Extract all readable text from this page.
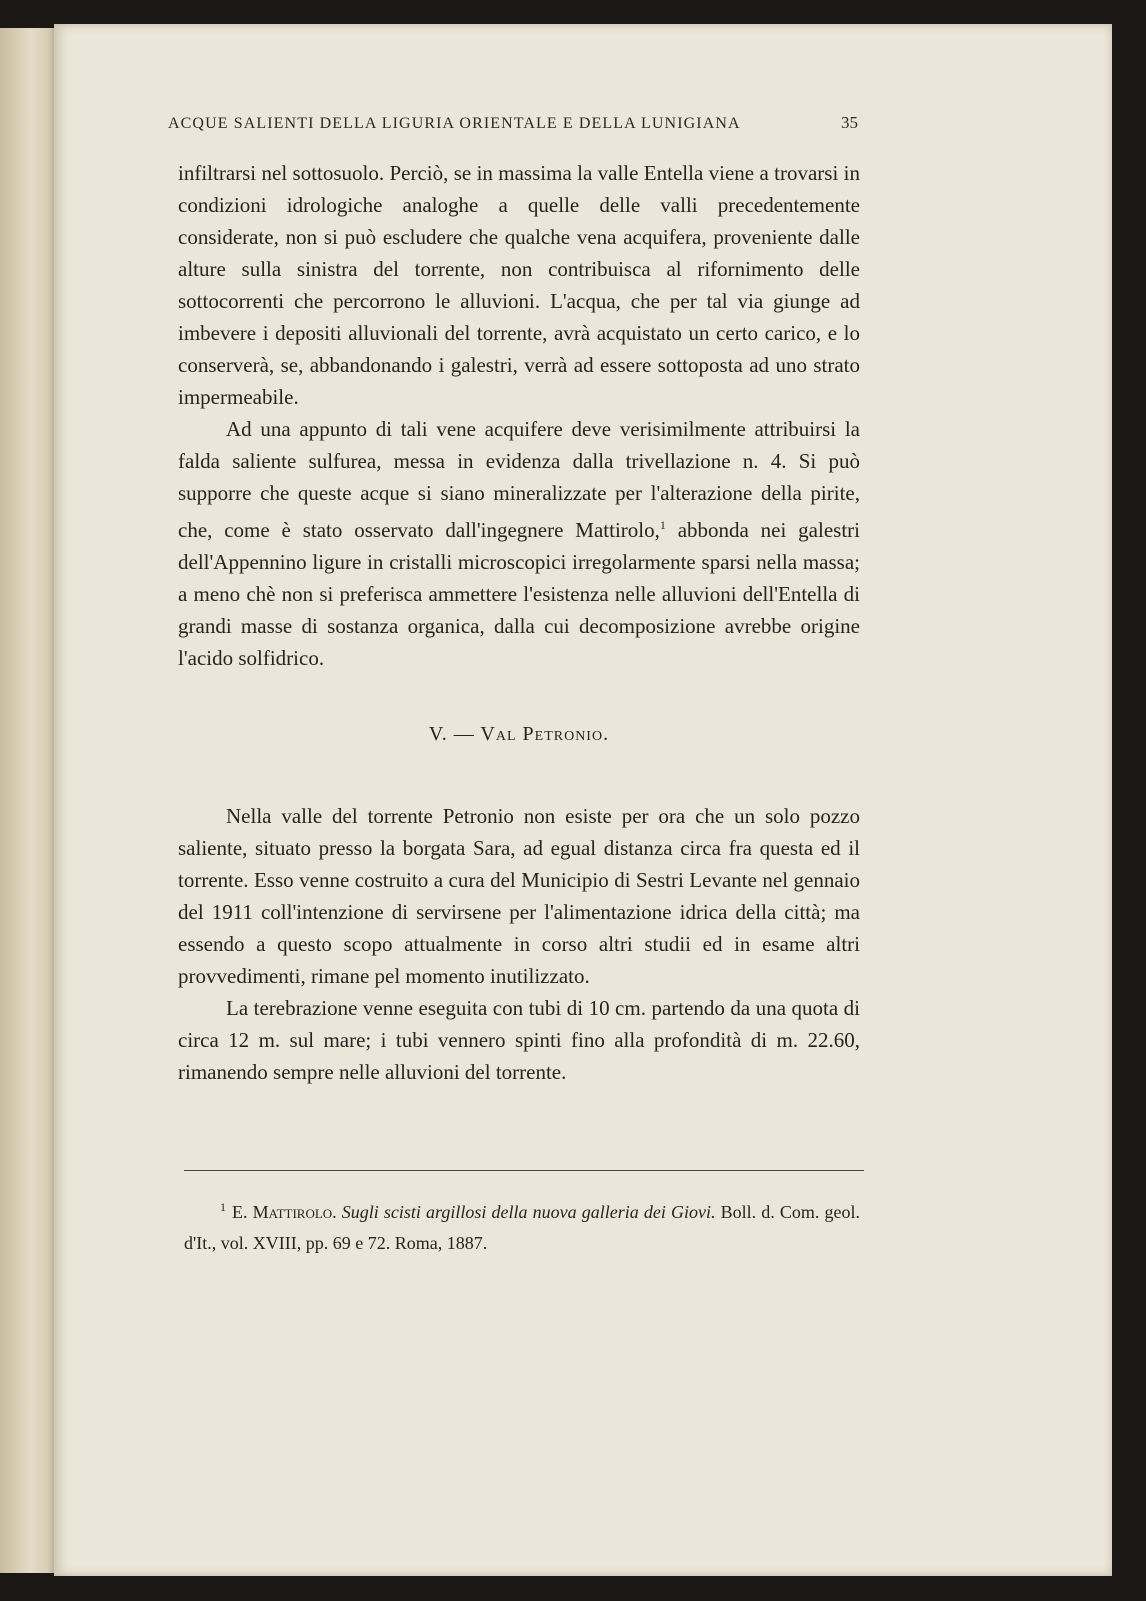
ACQUE SALIENTI DELLA LIGURIA ORIENTALE E DELLA LUNIGIANA	35

infiltrarsi nel sottosuolo. Perciò, se in massima la valle Entella viene a trovarsi in condizioni idrologiche analoghe a quelle delle valli precedentemente considerate, non si può escludere che qualche vena acquifera, proveniente dalle alture sulla sinistra del torrente, non contribuisca al rifornimento delle sottocorrenti che percorrono le alluvioni. L'acqua, che per tal via giunge ad imbevere i depositi alluvionali del torrente, avrà acquistato un certo carico, e lo conserverà, se, abbandonando i galestri, verrà ad essere sottoposta ad uno strato impermeabile.

Ad una appunto di tali vene acquifere deve verisimilmente attribuirsi la falda saliente sulfurea, messa in evidenza dalla trivellazione n. 4. Si può supporre che queste acque si siano mineralizzate per l'alterazione della pirite, che, come è stato osservato dall'ingegnere Mattirolo,$^1$ abbonda nei galestri dell'Appennino ligure in cristalli microscopici irregolarmente sparsi nella massa; a meno chè non si preferisca ammettere l'esistenza nelle alluvioni dell'Entella di grandi masse di sostanza organica, dalla cui decomposizione avrebbe origine l'acido solfidrico.

V. — Val Petronio.

Nella valle del torrente Petronio non esiste per ora che un solo pozzo saliente, situato presso la borgata Sara, ad egual distanza circa fra questa ed il torrente. Esso venne costruito a cura del Municipio di Sestri Levante nel gennaio del 1911 coll'intenzione di servirsene per l'alimentazione idrica della città; ma essendo a questo scopo attualmente in corso altri studii ed in esame altri provvedimenti, rimane pel momento inutilizzato.

La terebrazione venne eseguita con tubi di 10 cm. partendo da una quota di circa 12 m. sul mare; i tubi vennero spinti fino alla profondità di m. 22.60, rimanendo sempre nelle alluvioni del torrente.

$^1$ E. Mattirolo. Sugli scisti argillosi della nuova galleria dei Giovi. Boll. d. Com. geol. d'It., vol. XVIII, pp. 69 e 72. Roma, 1887.
